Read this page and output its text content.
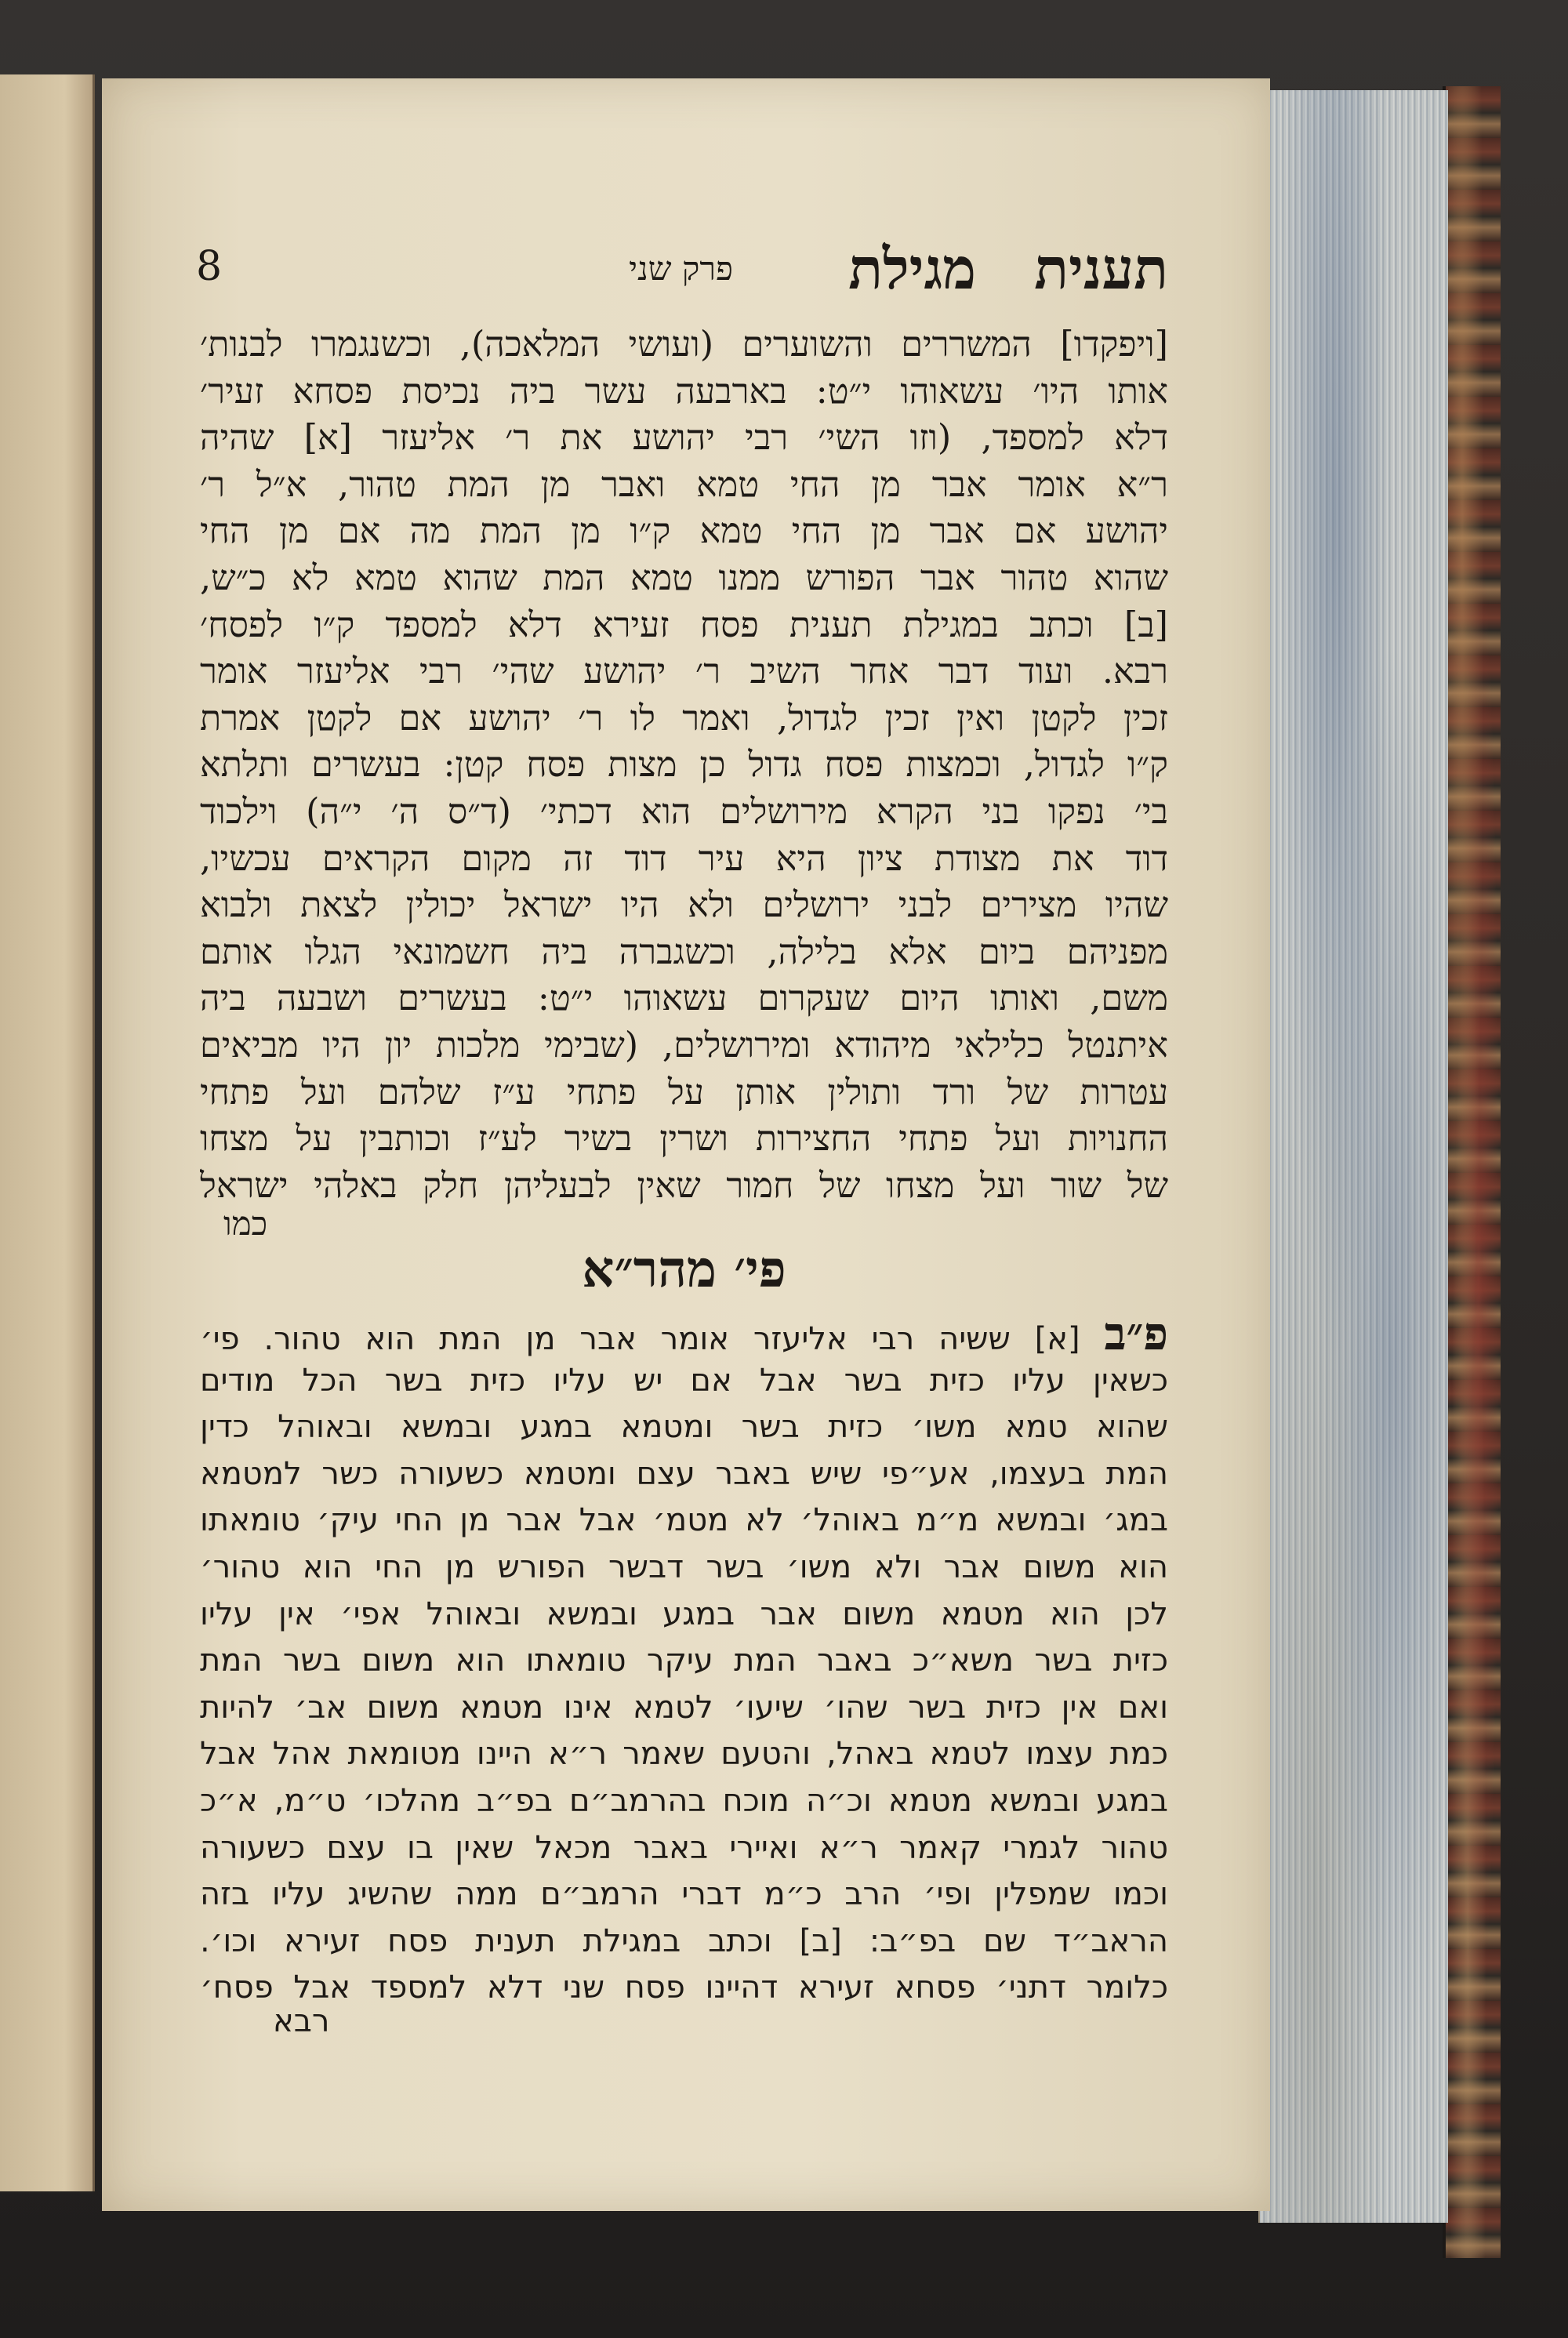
תענית
פרק שני מגילת
8
[ויפקדו] המשררים והשוערים (ועושי המלאכה), וכשנגמרו לבנות׳
אותו היו׳ עשאוהו י״ט: בארבעה עשר ביה נכיסת פסחא זעיר׳
דלא למספד, (וזו השי׳ רבי יהושע את ר׳ אליעזר [א] שהיה
ר״א אומר אבר מן החי טמא ואבר מן המת טהור, א״ל ר׳
יהושע אם אבר מן החי טמא ק״ו מן המת מה אם מן החי
שהוא טהור אבר הפורש ממנו טמא המת שהוא טמא לא כ״ש,
[ב] וכתב במגילת תענית פסח זעירא דלא למספד ק״ו לפסח׳
רבא. ועוד דבר אחר השיב ר׳ יהושע שהי׳ רבי אליעזר אומר
זכין לקטן ואין זכין לגדול, ואמר לו ר׳ יהושע אם לקטן אמרת
ק״ו לגדול, וכמצות פסח גדול כן מצות פסח קטן: בעשרים ותלתא
בי׳ נפקו בני הקרא מירושלים הוא דכתי׳ (ד״ס ה׳ י״ה) וילכוד
דוד את מצודת ציון היא עיר דוד זה מקום הקראים עכשיו,
שהיו מצירים לבני ירושלים ולא היו ישראל יכולין לצאת ולבוא
מפניהם ביום אלא בלילה, וכשגברה ביה חשמונאי הגלו אותם
משם, ואותו היום שעקרום עשאוהו י״ט: בעשרים ושבעה ביה
איתנטל כלילאי מיהודא ומירושלים, (שבימי מלכות יון היו מביאים
עטרות של ורד ותולין אותן על פתחי ע״ז שלהם ועל פתחי
החנויות ועל פתחי החצירות ושרין בשיר לע״ז וכותבין על מצחו
של שור ועל מצחו של חמור שאין לבעליהן חלק באלהי ישראל
כמו
פי׳ מהר״א
פ״ב [א] ששיה רבי אליעזר אומר אבר מן המת הוא טהור. פי׳
כשאין עליו כזית בשר אבל אם יש עליו כזית בשר הכל מודים
שהוא טמא משו׳ כזית בשר ומטמא במגע ובמשא ובאוהל כדין
המת בעצמו, אע״פי שיש באבר עצם ומטמא כשעורה כשר למטמא
במג׳ ובמשא מ״מ באוהל׳ לא מטמ׳ אבל אבר מן החי עיק׳ טומאתו
הוא משום אבר ולא משו׳ בשר דבשר הפורש מן החי הוא טהור׳
לכן הוא מטמא משום אבר במגע ובמשא ובאוהל אפי׳ אין עליו
כזית בשר משא״כ באבר המת עיקר טומאתו הוא משום בשר המת
ואם אין כזית בשר שהו׳ שיעו׳ לטמא אינו מטמא משום אב׳ להיות
כמת עצמו לטמא באהל, והטעם שאמר ר״א היינו מטומאת אהל אבל
במגע ובמשא מטמא וכ״ה מוכח בהרמב״ם בפ״ב מהלכו׳ ט״מ, א״כ
טהור לגמרי קאמר ר״א ואיירי באבר מכאל שאין בו עצם כשעורה
וכמו שמפלין ופי׳ הרב כ״מ דברי הרמב״ם ממה שהשיג עליו בזה
הראב״ד שם בפ״ב: [ב] וכתב במגילת תענית פסח זעירא וכו׳.
כלומר דתני׳ פסחא זעירא דהיינו פסח שני דלא למספד אבל פסח׳
רבא
